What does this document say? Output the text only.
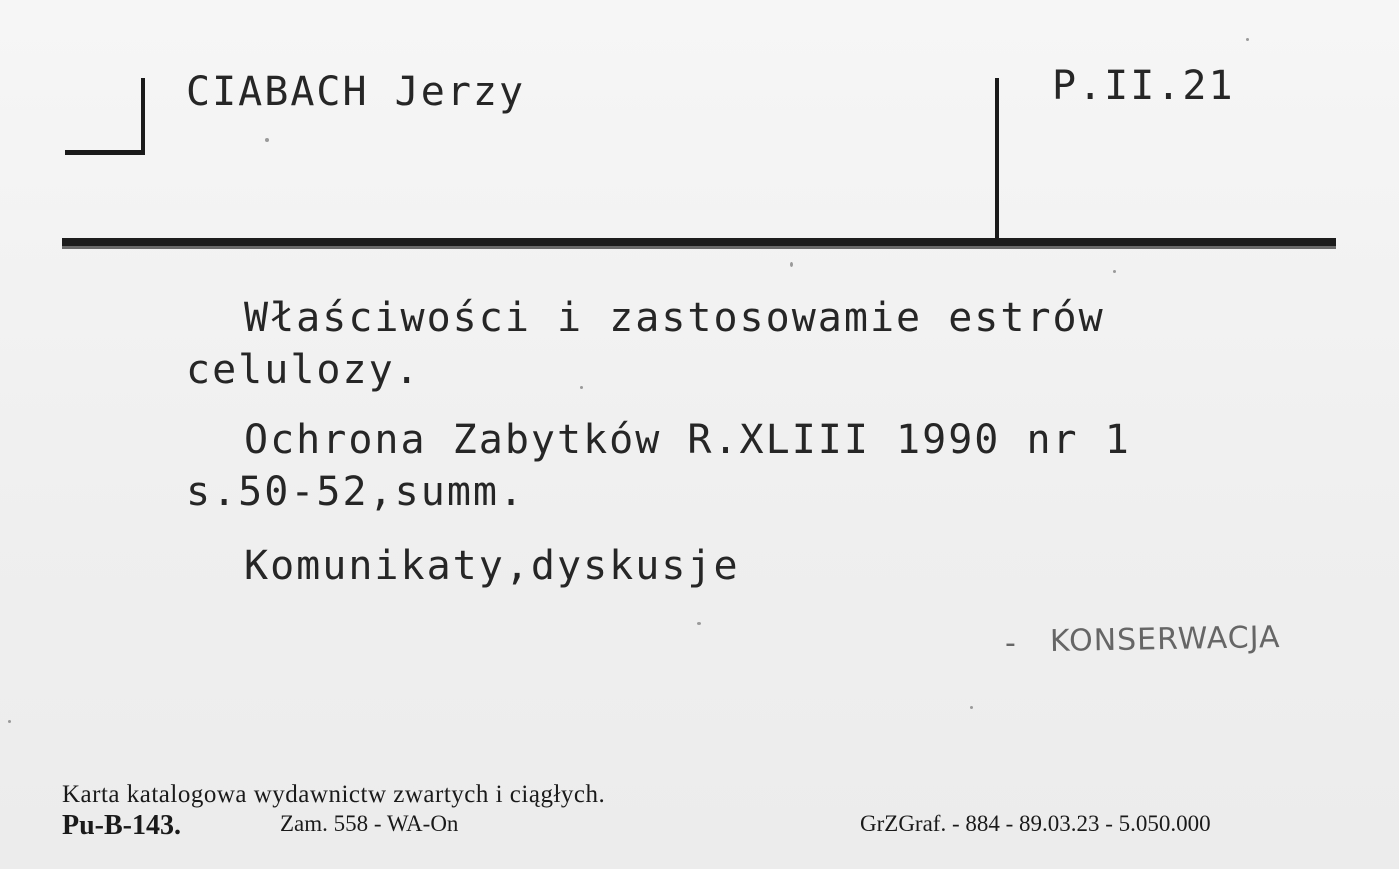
CIABACH Jerzy	P.II.21
Właściwości i zastosowamie estrów
celulozy.
Ochrona Zabytków R.XLIII 1990 nr 1
s.50-52,summ.
Komunikaty,dyskusje
- KONSERWACJA
Karta katalogowa wydawnictw zwartych i ciągłych.
Pu-B-143.	Zam. 558 - WA-On	GrZGraf. - 884 - 89.03.23 - 5.050.000
